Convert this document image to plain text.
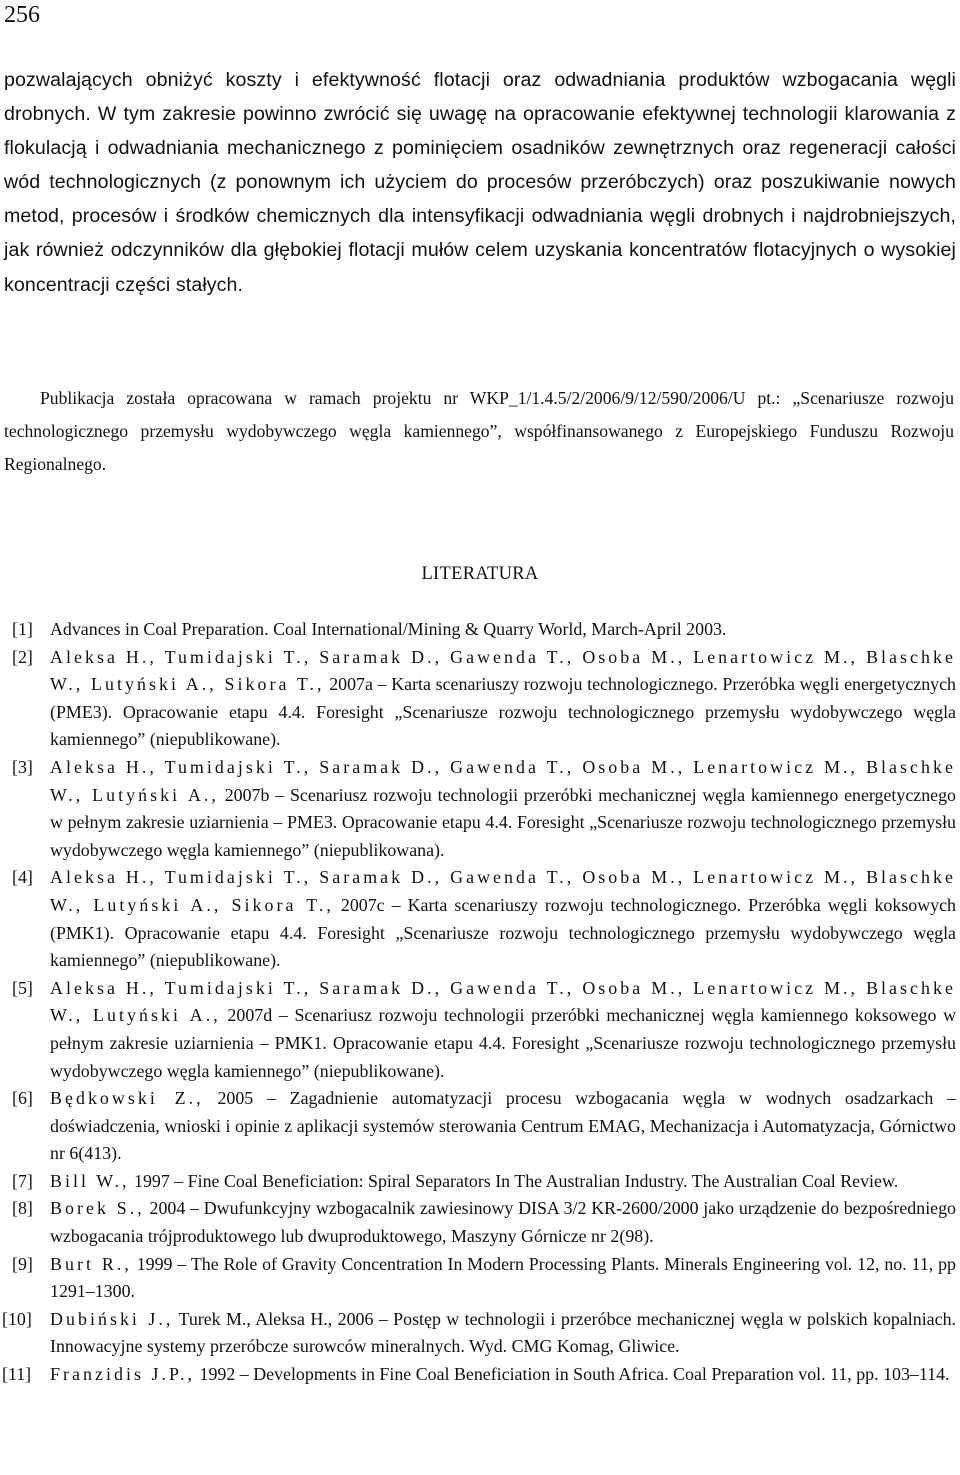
256

pozwalających obniżyć koszty i efektywność flotacji oraz odwadniania produktów wzbogacania węgli drobnych. W tym zakresie powinno zwrócić się uwagę na opracowanie efektywnej technologii klarowania z flokulacją i odwadniania mechanicznego z pominięciem osadników zewnętrznych oraz regeneracji całości wód technologicznych (z ponownym ich użyciem do procesów przeróbczych) oraz poszukiwanie nowych metod, procesów i środków chemicznych dla intensyfikacji odwadniania węgli drobnych i najdrobniejszych, jak również odczynników dla głębokiej flotacji mułów celem uzyskania koncentratów flotacyjnych o wysokiej koncentracji części stałych.

Publikacja została opracowana w ramach projektu nr WKP_1/1.4.5/2/2006/9/12/590/2006/U pt.: „Scenariusze rozwoju technologicznego przemysłu wydobywczego węgla kamiennego”, współfinansowanego z Europejskiego Funduszu Rozwoju Regionalnego.
LITERATURA
[1] Advances in Coal Preparation. Coal International/Mining & Quarry World, March-April 2003.
[2] Aleksa H., Tumidajski T., Saramak D., Gawenda T., Osoba M., Lenartowicz M., Blaschke W., Lutyński A., Sikora T., 2007a – Karta scenariuszy rozwoju technologicznego. Przeróbka węgli energetycznych (PME3). Opracowanie etapu 4.4. Foresight „Scenariusze rozwoju technologicznego przemysłu wydobywczego węgla kamiennego” (niepublikowane).
[3] Aleksa H., Tumidajski T., Saramak D., Gawenda T., Osoba M., Lenartowicz M., Blaschke W., Lutyński A., 2007b – Scenariusz rozwoju technologii przeróbki mechanicznej węgla kamiennego energetycznego w pełnym zakresie uziarnienia – PME3. Opracowanie etapu 4.4. Foresight „Scenariusze rozwoju technologicznego przemysłu wydobywczego węgla kamiennego” (niepublikowana).
[4] Aleksa H., Tumidajski T., Saramak D., Gawenda T., Osoba M., Lenartowicz M., Blaschke W., Lutyński A., Sikora T., 2007c – Karta scenariuszy rozwoju technologicznego. Przeróbka węgli koksowych (PMK1). Opracowanie etapu 4.4. Foresight „Scenariusze rozwoju technologicznego przemysłu wydobywczego węgla kamiennego” (niepublikowane).
[5] Aleksa H., Tumidajski T., Saramak D., Gawenda T., Osoba M., Lenartowicz M., Blaschke W., Lutyński A., 2007d – Scenariusz rozwoju technologii przeróbki mechanicznej węgla kamiennego koksowego w pełnym zakresie uziarnienia – PMK1. Opracowanie etapu 4.4. Foresight „Scenariusze rozwoju technologicznego przemysłu wydobywczego węgla kamiennego” (niepublikowane).
[6] Będkowski Z., 2005 – Zagadnienie automatyzacji procesu wzbogacania węgla w wodnych osadzarkach – doświadczenia, wnioski i opinie z aplikacji systemów sterowania Centrum EMAG, Mechanizacja i Automatyzacja, Górnictwo nr 6(413).
[7] Bill W., 1997 – Fine Coal Beneficiation: Spiral Separators In The Australian Industry. The Australian Coal Review.
[8] Borek S., 2004 – Dwufunkcyjny wzbogacalnik zawiesinowy DISA 3/2 KR-2600/2000 jako urządzenie do bezpośredniego wzbogacania trójproduktowego lub dwuproduktowego, Maszyny Górnicze nr 2(98).
[9] Burt R., 1999 – The Role of Gravity Concentration In Modern Processing Plants. Minerals Engineering vol. 12, no. 11, pp 1291–1300.
[10] Dubiński J., Turek M., Aleksa H., 2006 – Postęp w technologii i przeróbce mechanicznej węgla w polskich kopalniach. Innowacyjne systemy przeróbcze surowców mineralnych. Wyd. CMG Komag, Gliwice.
[11] Franzidis J.P., 1992 – Developments in Fine Coal Beneficiation in South Africa. Coal Preparation vol. 11, pp. 103–114.
